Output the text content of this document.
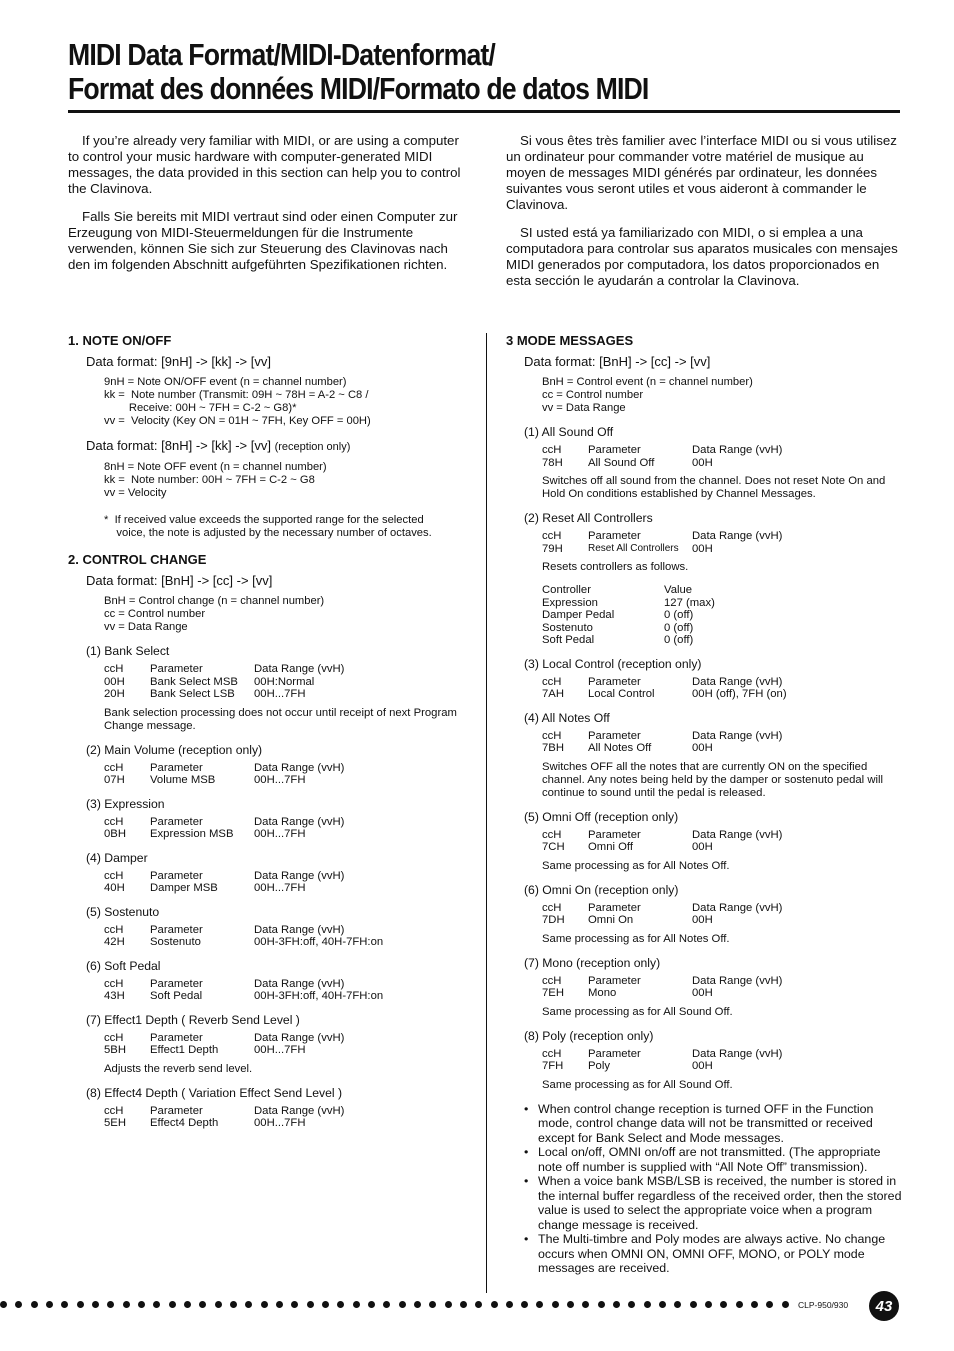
MIDI Data Format/MIDI-Datenformat/
Format des données MIDI/Formato de datos MIDI

If you’re already very familiar with MIDI, or are using a computer to control your music hardware with computer-generated MIDI messages, the data provided in this section can help you to control the Clavinova.

Falls Sie bereits mit MIDI vertraut sind oder einen Computer zur Erzeugung von MIDI-Steuermeldungen für die Instrumente verwenden, können Sie sich zur Steuerung des Clavinovas nach den im folgenden Abschnitt aufgeführten Spezifikationen richten.

Si vous êtes très familier avec l’interface MIDI ou si vous utilisez un ordinateur pour commander votre matériel de musique au moyen de messages MIDI générés par ordinateur, les données suivantes vous seront utiles et vous aideront à commander le Clavinova.

SI usted está ya familiarizado con MIDI, o si emplea a una computadora para controlar sus aparatos musicales con mensajes MIDI generados por computadora, los datos proporcionados en esta sección le ayudarán a controlar la Clavinova.

1. NOTE ON/OFF
Data format: [9nH] -> [kk] -> [vv]
9nH = Note ON/OFF event (n = channel number)
kk =  Note number (Transmit: 09H ~ 78H = A-2 ~ C8 /
Receive: 00H ~ 7FH = C-2 ~ G8)*
vv =  Velocity (Key ON = 01H ~ 7FH, Key OFF = 00H)
Data format: [8nH] -> [kk] -> [vv] (reception only)
8nH = Note OFF event (n = channel number)
kk =  Note number: 00H ~ 7FH = C-2 ~ G8
vv = Velocity
*  If received value exceeds the supported range for the selected
voice, the note is adjusted by the necessary number of octaves.
2. CONTROL CHANGE
Data format: [BnH] -> [cc] -> [vv]
BnH = Control change (n = channel number)
cc = Control number
vv = Data Range
(1) Bank Select
ccH	Parameter	Data Range (vvH)
00H	Bank Select MSB	00H:Normal
20H	Bank Select LSB	00H...7FH
Bank selection processing does not occur until receipt of next Program Change message.
(2) Main Volume (reception only)
ccH	Parameter	Data Range (vvH)
07H	Volume MSB	00H...7FH
(3) Expression
ccH	Parameter	Data Range (vvH)
0BH	Expression MSB	00H...7FH
(4) Damper
ccH	Parameter	Data Range (vvH)
40H	Damper MSB	00H...7FH
(5) Sostenuto
ccH	Parameter	Data Range (vvH)
42H	Sostenuto	00H-3FH:off, 40H-7FH:on
(6) Soft Pedal
ccH	Parameter	Data Range (vvH)
43H	Soft Pedal	00H-3FH:off, 40H-7FH:on
(7) Effect1 Depth ( Reverb Send Level )
ccH	Parameter	Data Range (vvH)
5BH	Effect1 Depth	00H...7FH
Adjusts the reverb send level.
(8) Effect4 Depth ( Variation Effect Send Level )
ccH	Parameter	Data Range (vvH)
5EH	Effect4 Depth	00H...7FH
3 MODE MESSAGES
Data format: [BnH] -> [cc] -> [vv]
BnH = Control event (n = channel number)
cc = Control number
vv = Data Range
(1) All Sound Off
ccH	Parameter	Data Range (vvH)
78H	All Sound Off	00H
Switches off all sound from the channel. Does not reset Note On and Hold On conditions established by Channel Messages.
(2) Reset All Controllers
ccH	Parameter	Data Range (vvH)
79H	Reset All Controllers	00H
Resets controllers as follows.
Controller	Value
Expression	127 (max)
Damper Pedal	0 (off)
Sostenuto	0 (off)
Soft Pedal	0 (off)
(3) Local Control (reception only)
ccH	Parameter	Data Range (vvH)
7AH	Local Control	00H (off), 7FH (on)
(4) All Notes Off
ccH	Parameter	Data Range (vvH)
7BH	All Notes Off	00H
Switches OFF all the notes that are currently ON on the specified channel. Any notes being held by the damper or sostenuto pedal will continue to sound until the pedal is released.
(5) Omni Off (reception only)
ccH	Parameter	Data Range (vvH)
7CH	Omni Off	00H
Same processing as for All Notes Off.
(6) Omni On (reception only)
ccH	Parameter	Data Range (vvH)
7DH	Omni On	00H
Same processing as for All Notes Off.
(7) Mono (reception only)
ccH	Parameter	Data Range (vvH)
7EH	Mono	00H
Same processing as for All Sound Off.
(8) Poly (reception only)
ccH	Parameter	Data Range (vvH)
7FH	Poly	00H
Same processing as for All Sound Off.
• When control change reception is turned OFF in the Function mode, control change data will not be transmitted or received except for Bank Select and Mode messages.
• Local on/off, OMNI on/off are not transmitted. (The appropriate note off number is supplied with “All Note Off” transmission).
• When a voice bank MSB/LSB is received, the number is stored in the internal buffer regardless of the received order, then the stored value is used to select the appropriate voice when a program change message is received.
• The Multi-timbre and Poly modes are always active. No change occurs when OMNI ON, OMNI OFF, MONO, or POLY mode messages are received.
CLP-950/930	43
